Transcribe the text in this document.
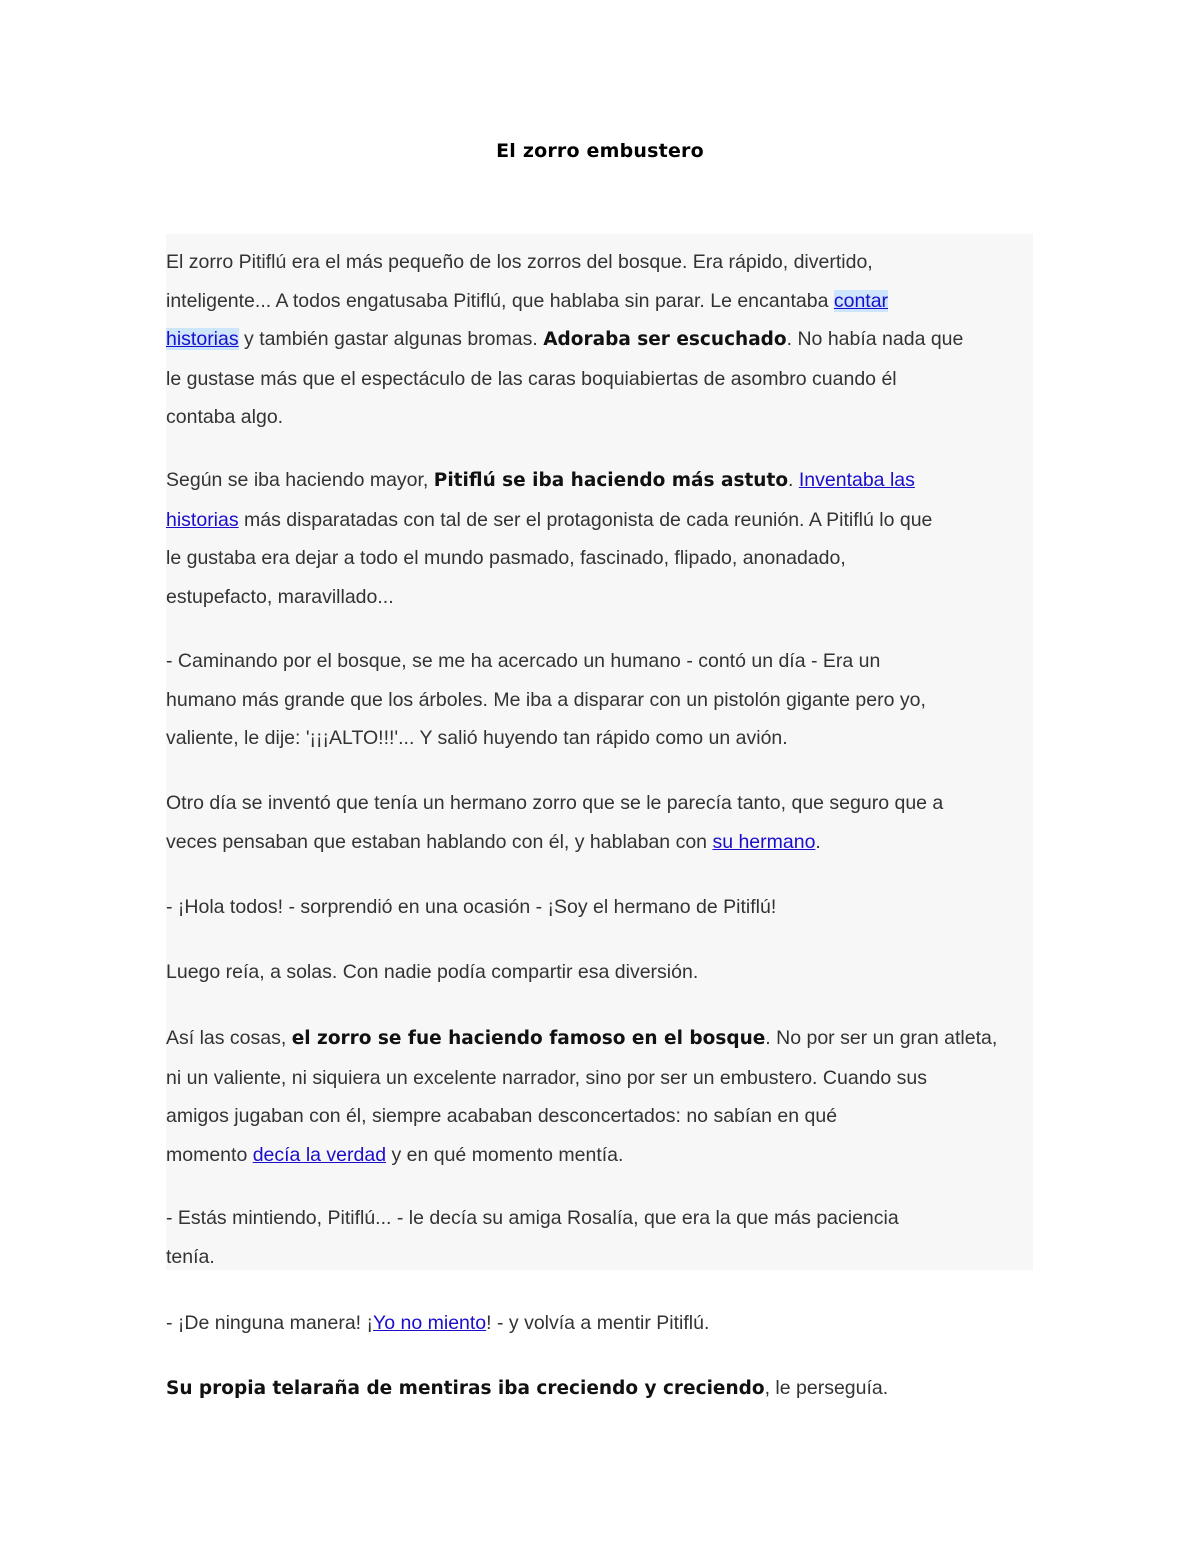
El zorro embustero

El zorro Pitiflú era el más pequeño de los zorros del bosque. Era rápido, divertido,
inteligente... A todos engatusaba Pitiflú, que hablaba sin parar. Le encantaba contar
historias y también gastar algunas bromas. Adoraba ser escuchado. No había nada que
le gustase más que el espectáculo de las caras boquiabiertas de asombro cuando él
contaba algo.

Según se iba haciendo mayor, Pitiflú se iba haciendo más astuto. Inventaba las
historias más disparatadas con tal de ser el protagonista de cada reunión. A Pitiflú lo que
le gustaba era dejar a todo el mundo pasmado, fascinado, flipado, anonadado,
estupefacto, maravillado...

- Caminando por el bosque, se me ha acercado un humano - contó un día - Era un
humano más grande que los árboles. Me iba a disparar con un pistolón gigante pero yo,
valiente, le dije: '¡¡¡ALTO!!!'... Y salió huyendo tan rápido como un avión.

Otro día se inventó que tenía un hermano zorro que se le parecía tanto, que seguro que a
veces pensaban que estaban hablando con él, y hablaban con su hermano.

- ¡Hola todos! - sorprendió en una ocasión - ¡Soy el hermano de Pitiflú!

Luego reía, a solas. Con nadie podía compartir esa diversión.

Así las cosas, el zorro se fue haciendo famoso en el bosque. No por ser un gran atleta,
ni un valiente, ni siquiera un excelente narrador, sino por ser un embustero. Cuando sus
amigos jugaban con él, siempre acababan desconcertados: no sabían en qué
momento decía la verdad y en qué momento mentía.

- Estás mintiendo, Pitiflú... - le decía su amiga Rosalía, que era la que más paciencia
tenía.

- ¡De ninguna manera! ¡Yo no miento! - y volvía a mentir Pitiflú.

Su propia telaraña de mentiras iba creciendo y creciendo, le perseguía.
